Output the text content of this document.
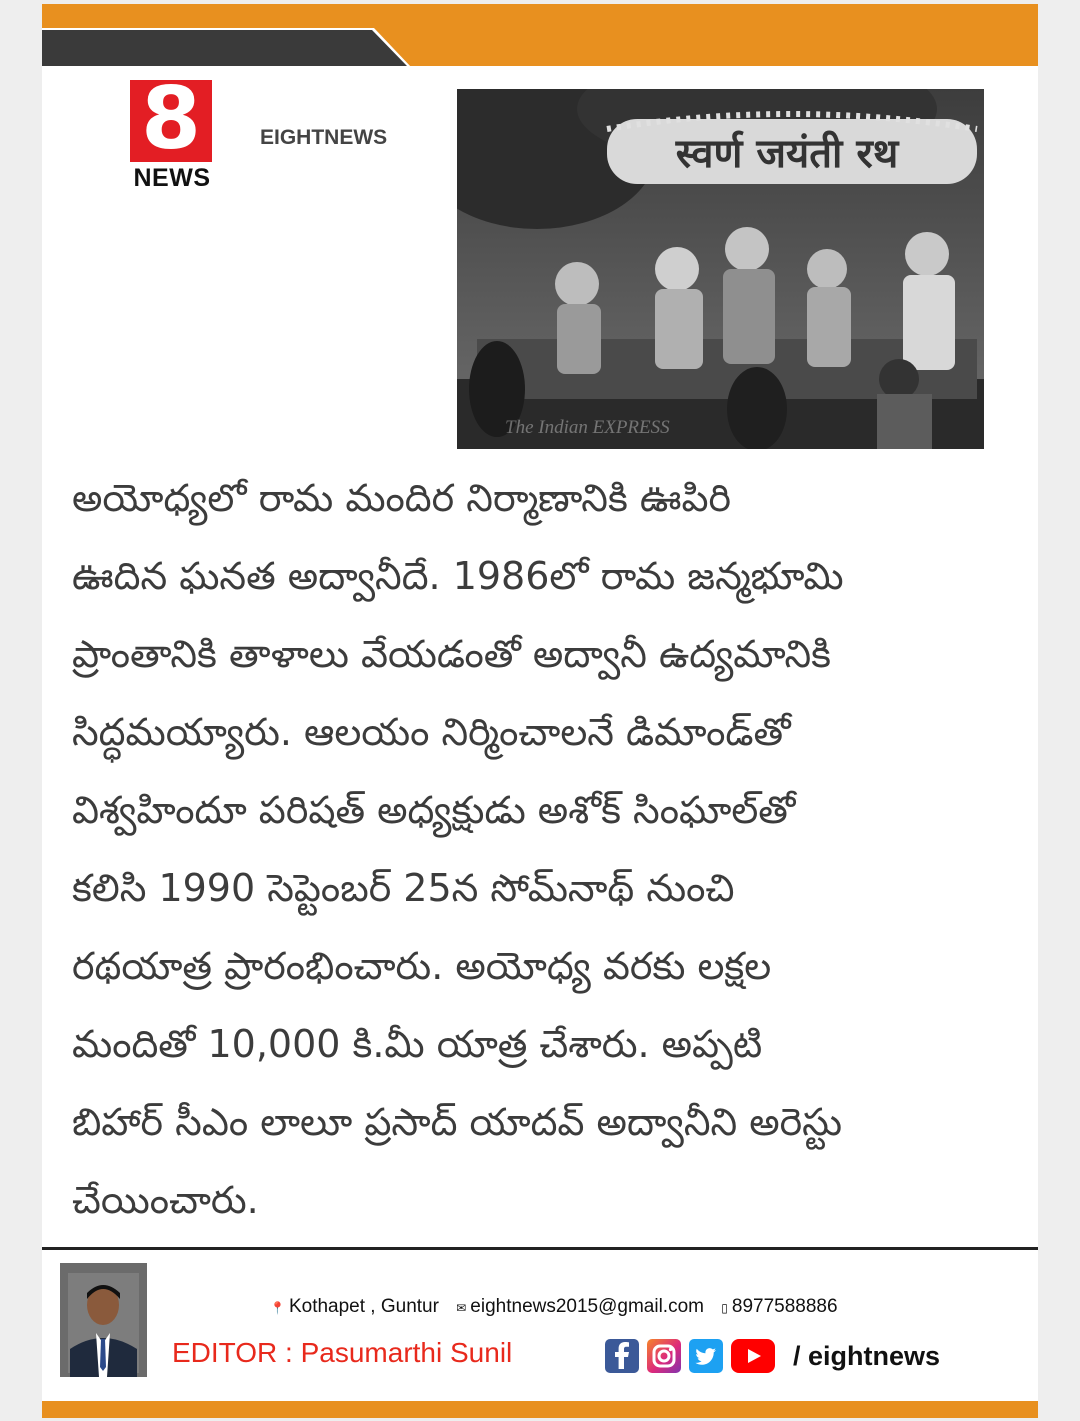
8
NEWS
EIGHTNEWS	स्वर्ण जयंती रथ
The Indian EXPRESS

అయోధ్యలో రామ మందిర నిర్మాణానికి ఊపిరి
ఊదిన ఘనత అద్వానీదే. 1986లో రామ జన్మభూమి
ప్రాంతానికి తాళాలు వేయడంతో అద్వానీ ఉద్యమానికి
సిద్ధమయ్యారు. ఆలయం నిర్మించాలనే డిమాండ్‌తో
విశ్వహిందూ పరిషత్ అధ్యక్షుడు అశోక్ సింఘాల్‌తో
కలిసి 1990 సెప్టెంబర్ 25న సోమ్‌నాథ్ నుంచి
రథయాత్ర ప్రారంభించారు. అయోధ్య వరకు లక్షల
మందితో 10,000 కి.మీ యాత్ర చేశారు. అప్పటి
బిహార్ సీఎం లాలూ ప్రసాద్ యాదవ్ అద్వానీని అరెస్టు
చేయించారు.

📍 Kothapet , Guntur ✉ eightnews2015@gmail.com ▯ 8977588886
EDITOR : Pasumarthi Sunil	/ eightnews
